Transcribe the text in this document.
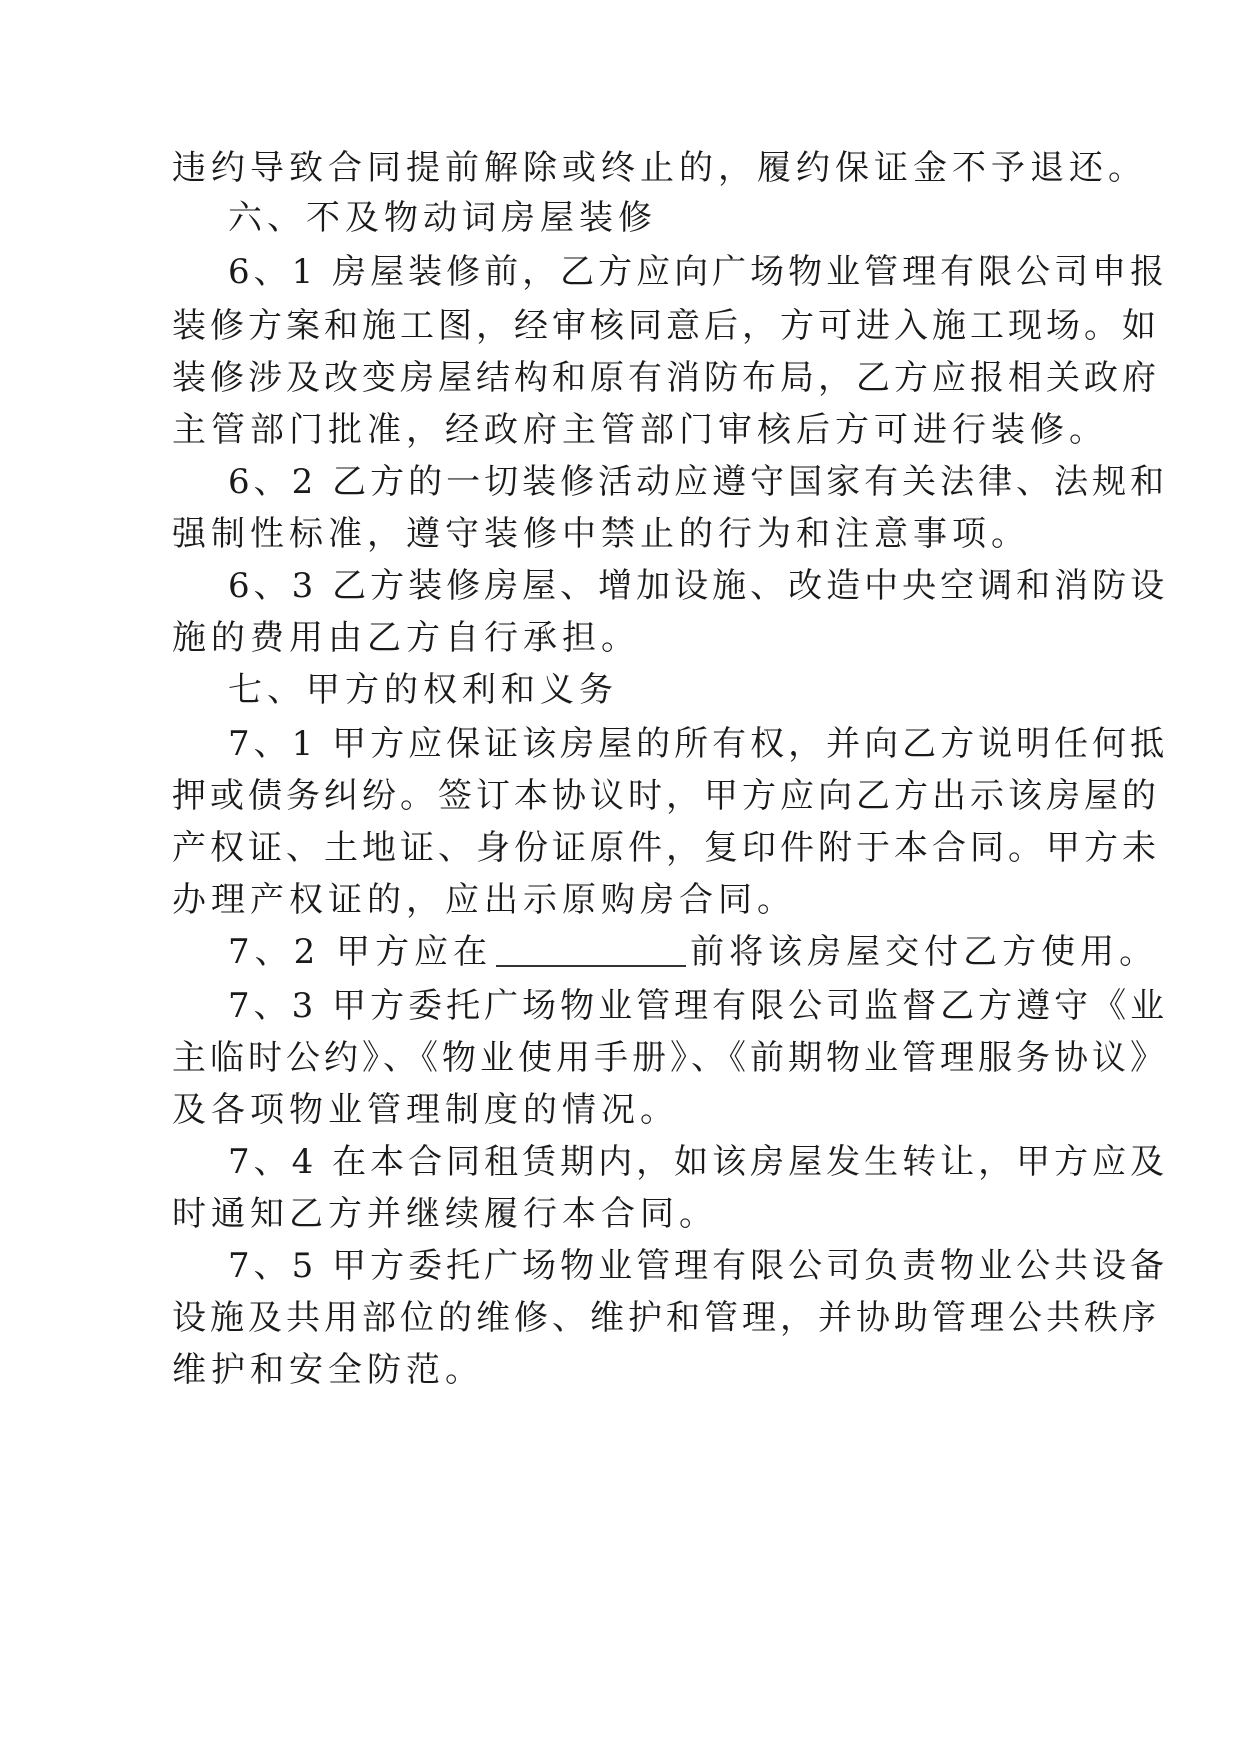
违约导致合同提前解除或终止的，履约保证金不予退还。
六、不及物动词房屋装修
6、1 房屋装修前，乙方应向广场物业管理有限公司申报
装修方案和施工图，经审核同意后，方可进入施工现场。如
装修涉及改变房屋结构和原有消防布局，乙方应报相关政府
主管部门批准，经政府主管部门审核后方可进行装修。
6、2 乙方的一切装修活动应遵守国家有关法律、法规和
强制性标准，遵守装修中禁止的行为和注意事项。
6、3 乙方装修房屋、增加设施、改造中央空调和消防设
施的费用由乙方自行承担。
七、甲方的权利和义务
7、1 甲方应保证该房屋的所有权，并向乙方说明任何抵
押或债务纠纷。签订本协议时，甲方应向乙方出示该房屋的
产权证、土地证、身份证原件，复印件附于本合同。甲方未
办理产权证的，应出示原购房合同。
7、2 甲方应在	前将该房屋交付乙方使用。
7、3 甲方委托广场物业管理有限公司监督乙方遵守《业
主临时公约》、《物业使用手册》、《前期物业管理服务协议》
及各项物业管理制度的情况。
7、4 在本合同租赁期内，如该房屋发生转让，甲方应及
时通知乙方并继续履行本合同。
7、5 甲方委托广场物业管理有限公司负责物业公共设备
设施及共用部位的维修、维护和管理，并协助管理公共秩序
维护和安全防范。
